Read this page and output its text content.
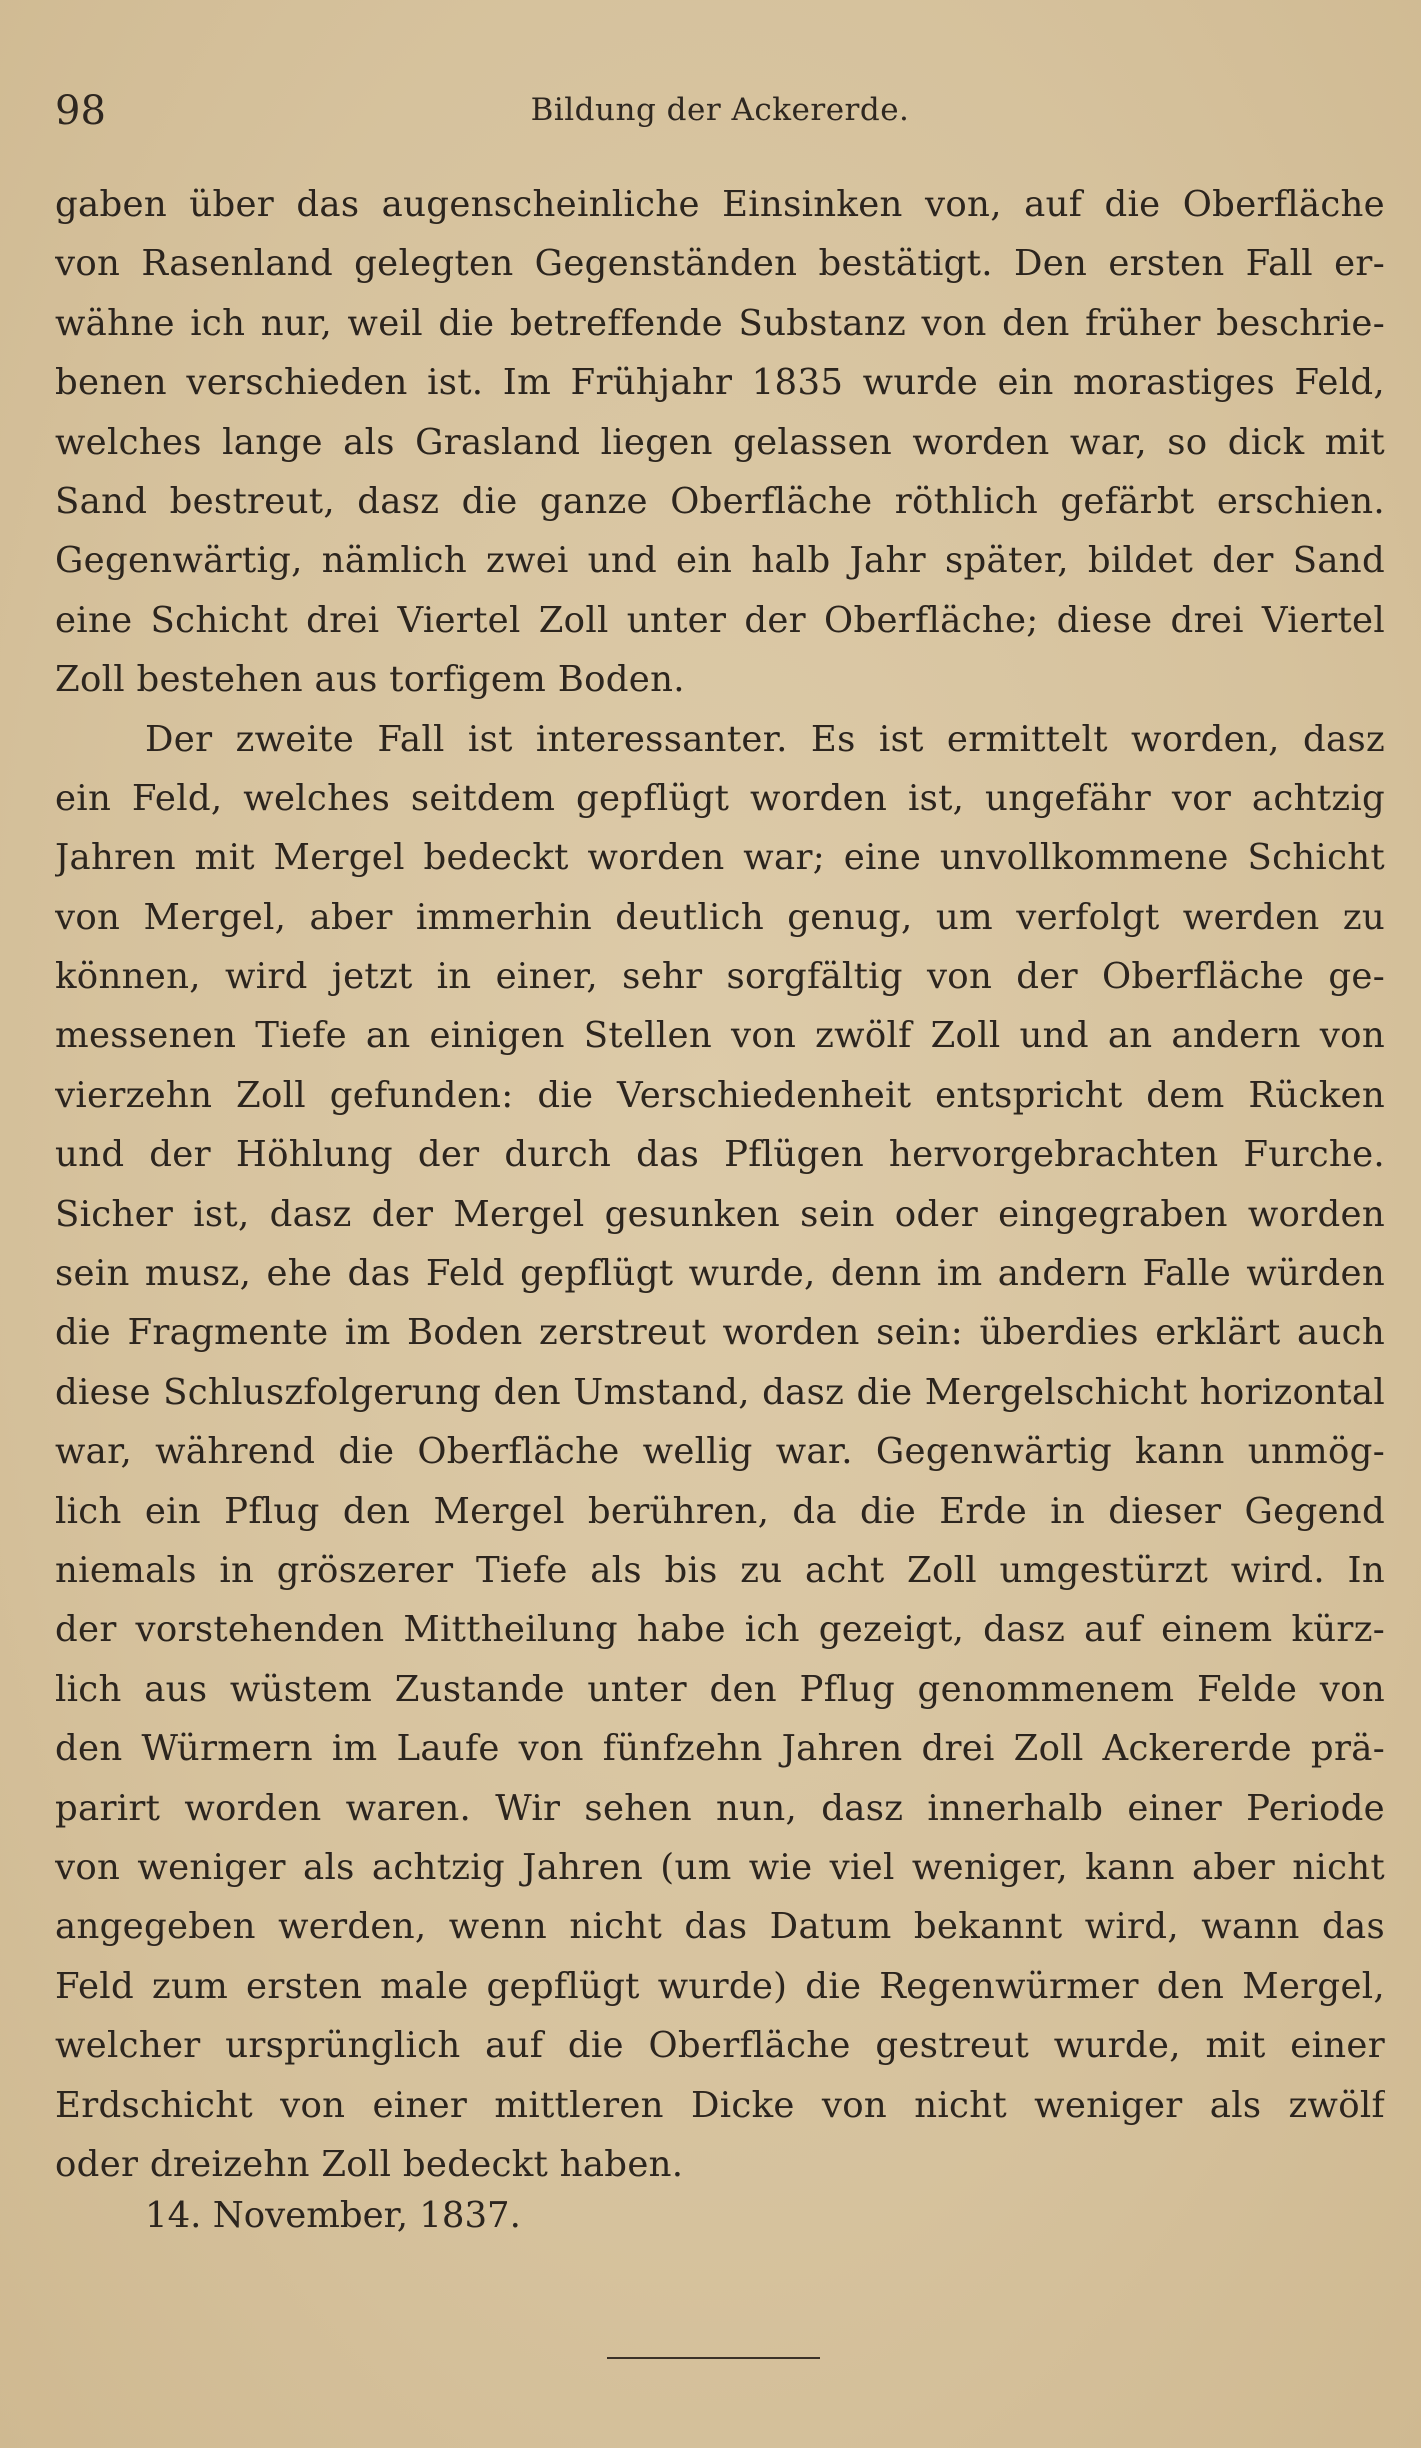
98	Bildung der Ackererde.
gaben über das augenscheinliche Einsinken von, auf die Oberfläche
von Rasenland gelegten Gegenständen bestätigt. Den ersten Fall er-
wähne ich nur, weil die betreffende Substanz von den früher beschrie-
benen verschieden ist. Im Frühjahr 1835 wurde ein morastiges Feld,
welches lange als Grasland liegen gelassen worden war, so dick mit
Sand bestreut, dasz die ganze Oberfläche röthlich gefärbt erschien.
Gegenwärtig, nämlich zwei und ein halb Jahr später, bildet der Sand
eine Schicht drei Viertel Zoll unter der Oberfläche; diese drei Viertel
Zoll bestehen aus torfigem Boden.
Der zweite Fall ist interessanter. Es ist ermittelt worden, dasz
ein Feld, welches seitdem gepflügt worden ist, ungefähr vor achtzig
Jahren mit Mergel bedeckt worden war; eine unvollkommene Schicht
von Mergel, aber immerhin deutlich genug, um verfolgt werden zu
können, wird jetzt in einer, sehr sorgfältig von der Oberfläche ge-
messenen Tiefe an einigen Stellen von zwölf Zoll und an andern von
vierzehn Zoll gefunden: die Verschiedenheit entspricht dem Rücken
und der Höhlung der durch das Pflügen hervorgebrachten Furche.
Sicher ist, dasz der Mergel gesunken sein oder eingegraben worden
sein musz, ehe das Feld gepflügt wurde, denn im andern Falle würden
die Fragmente im Boden zerstreut worden sein: überdies erklärt auch
diese Schluszfolgerung den Umstand, dasz die Mergelschicht horizontal
war, während die Oberfläche wellig war. Gegenwärtig kann unmög-
lich ein Pflug den Mergel berühren, da die Erde in dieser Gegend
niemals in gröszerer Tiefe als bis zu acht Zoll umgestürzt wird. In
der vorstehenden Mittheilung habe ich gezeigt, dasz auf einem kürz-
lich aus wüstem Zustande unter den Pflug genommenem Felde von
den Würmern im Laufe von fünfzehn Jahren drei Zoll Ackererde prä-
parirt worden waren. Wir sehen nun, dasz innerhalb einer Periode
von weniger als achtzig Jahren (um wie viel weniger, kann aber nicht
angegeben werden, wenn nicht das Datum bekannt wird, wann das
Feld zum ersten male gepflügt wurde) die Regenwürmer den Mergel,
welcher ursprünglich auf die Oberfläche gestreut wurde, mit einer
Erdschicht von einer mittleren Dicke von nicht weniger als zwölf
oder dreizehn Zoll bedeckt haben.
14. November, 1837.
